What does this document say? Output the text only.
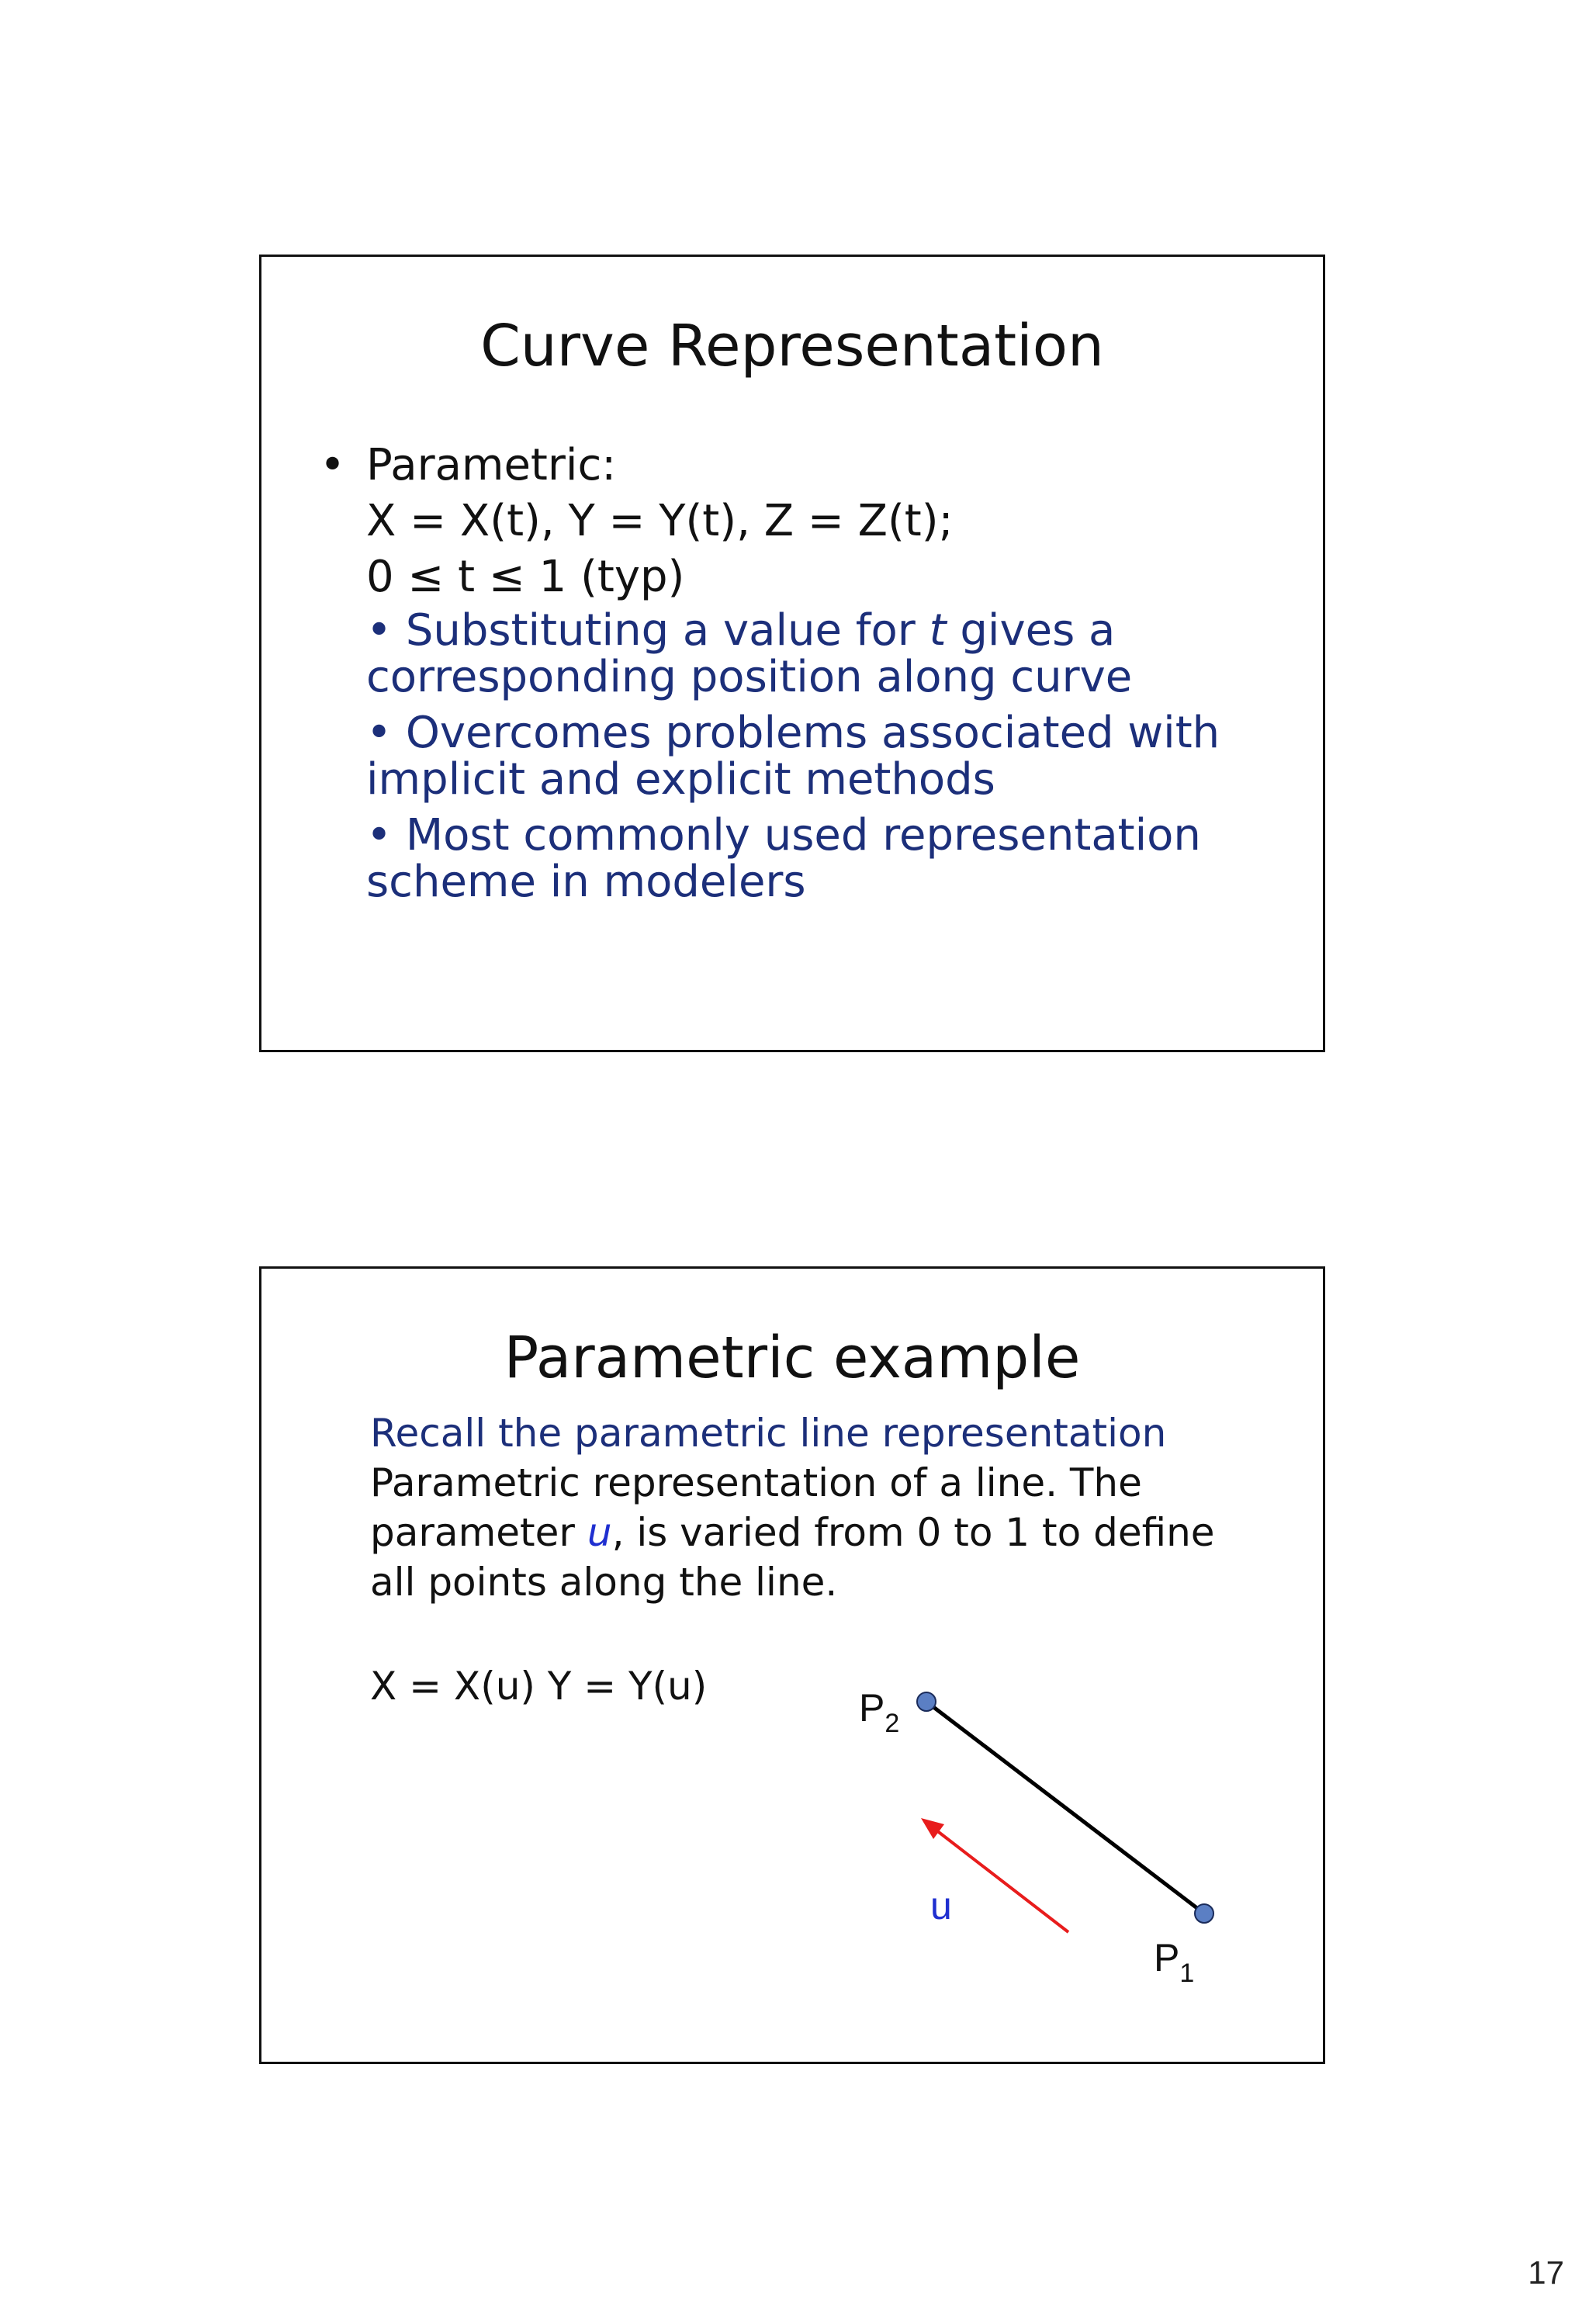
Curve Representation
• Parametric:

X = X(t), Y = Y(t), Z = Z(t);

0 ≤ t ≤ 1 (typ)

• Substituting a value for t gives a
corresponding position along curve

• Overcomes problems associated with
implicit and explicit methods

• Most commonly used representation
scheme in modelers

Parametric example

Recall the parametric line representation

Parametric representation of a line. The
parameter u, is varied from 0 to 1 to define
all points along the line.

X = X(u) Y = Y(u)	$P_2$
$P_1$
u
17
